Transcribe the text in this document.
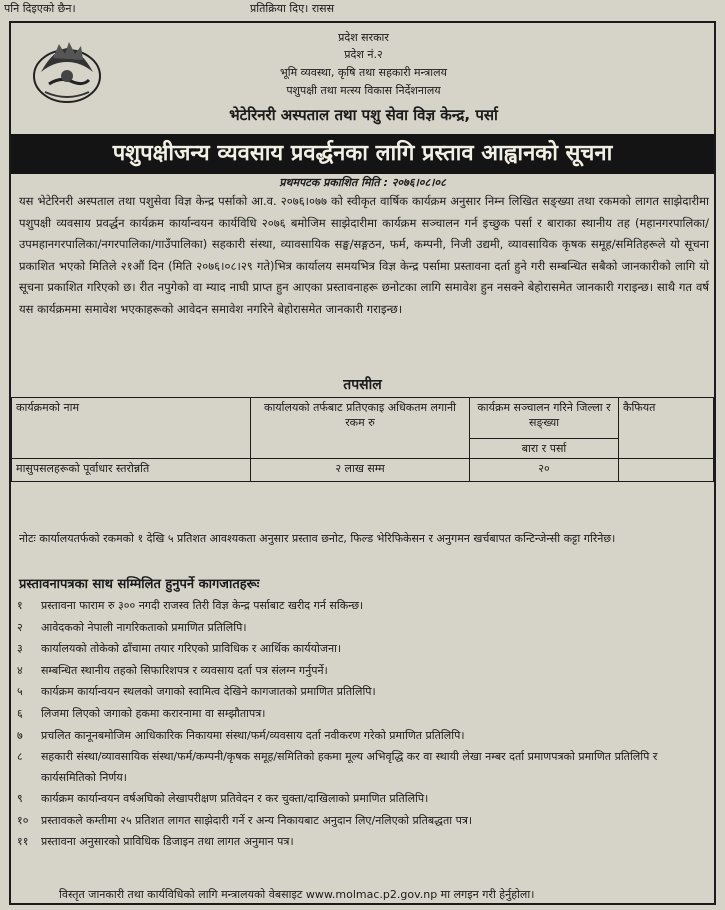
पनि दिइएको छैन।	प्रतिक्रिया दिए। रासस
प्रदेश सरकार
प्रदेश नं.२
भूमि व्यवस्था, कृषि तथा सहकारी मन्त्रालय
पशुपक्षी तथा मत्स्य विकास निर्देशनालय
भेटेरिनरी अस्पताल तथा पशु सेवा विज्ञ केन्द्र, पर्सा
पशुपक्षीजन्य व्यवसाय प्रवर्द्धनका लागि प्रस्ताव आह्वानको सूचना
प्रथमपटक प्रकाशित मिति : २०७६।०८।०८
यस भेटेरिनरी अस्पताल तथा पशुसेवा विज्ञ केन्द्र पर्साको आ.व. २०७६।०७७ को स्वीकृत वार्षिक कार्यक्रम अनुसार निम्न लिखित सङ्ख्या तथा रकमको लागत साझेदारीमा पशुपक्षी व्यवसाय प्रवर्द्धन कार्यक्रम कार्यान्वयन कार्यविधि २०७६ बमोजिम साझेदारीमा कार्यक्रम सञ्चालन गर्न इच्छुक पर्सा र बाराका स्थानीय तह (महानगरपालिका/उपमहानगरपालिका/नगरपालिका/गाउँपालिका) सहकारी संस्था, व्यावसायिक सङ्घ/सङ्गठन, फर्म, कम्पनी, निजी उद्यमी, व्यावसायिक कृषक समूह/समितिहरूले यो सूचना प्रकाशित भएको मितिले २१औं दिन (मिति २०७६।०८।२९ गते)भित्र कार्यालय समयभित्र विज्ञ केन्द्र पर्सामा प्रस्तावना दर्ता हुने गरी सम्बन्धित सबैको जानकारीको लागि यो सूचना प्रकाशित गरिएको छ। रीत नपुगेको वा म्याद नाघी प्राप्त हुन आएका प्रस्तावनाहरू छनोटका लागि समावेश हुन नसक्ने बेहोरासमेत जानकारी गराइन्छ। साथै गत वर्ष यस कार्यक्रममा समावेश भएकाहरूको आवेदन समावेश नगरिने बेहोरासमेत जानकारी गराइन्छ।
तपसील
कार्यक्रमको नाम	कार्यालयको तर्फबाट प्रतिएकाइ अधिकतम लगानी रकम रु	कार्यक्रम सञ्चालन गरिने जिल्ला र सङ्ख्या	कैफियत
		बारा र पर्सा	
मासुपसलहरूको पूर्वाधार स्तरोन्नति	२ लाख सम्म	२०	
नोटः कार्यालयतर्फको रकमको १ देखि ५ प्रतिशत आवश्यकता अनुसार प्रस्ताव छनोट, फिल्ड भेरिफिकेसन र अनुगमन खर्चबापत कन्टिन्जेन्सी कट्टा गरिनेछ।
प्रस्तावनापत्रका साथ सम्मिलित हुनुपर्ने कागजातहरूः
१	प्रस्तावना फाराम रु ३०० नगदी राजस्व तिरी विज्ञ केन्द्र पर्साबाट खरीद गर्न सकिन्छ।
२	आवेदकको नेपाली नागरिकताको प्रमाणित प्रतिलिपि।
३	कार्यालयको तोकेको ढाँचामा तयार गरिएको प्राविधिक र आर्थिक कार्ययोजना।
४	सम्बन्धित स्थानीय तहको सिफारिशपत्र र व्यवसाय दर्ता पत्र संलग्न गर्नुपर्ने।
५	कार्यक्रम कार्यान्वयन स्थलको जगाको स्वामित्व देखिने कागजातको प्रमाणित प्रतिलिपि।
६	लिजमा लिएको जगाको हकमा करारनामा वा सम्झौतापत्र।
७	प्रचलित कानूनबमोजिम आधिकारिक निकायमा संस्था/फर्म/व्यवसाय दर्ता नवीकरण गरेको प्रमाणित प्रतिलिपि।
८	सहकारी संस्था/व्यावसायिक संस्था/फर्म/कम्पनी/कृषक समूह/समितिको हकमा मूल्य अभिवृद्धि कर वा स्थायी लेखा नम्बर दर्ता प्रमाणपत्रको प्रमाणित प्रतिलिपि र कार्यसमितिको निर्णय।
९	कार्यक्रम कार्यान्वयन वर्षअघिको लेखापरीक्षण प्रतिवेदन र कर चुक्ता/दाखिलाको प्रमाणित प्रतिलिपि।
१०	प्रस्तावकले कम्तीमा २५ प्रतिशत लागत साझेदारी गर्ने र अन्य निकायबाट अनुदान लिए/नलिएको प्रतिबद्धता पत्र।
११	प्रस्तावना अनुसारको प्राविधिक डिजाइन तथा लागत अनुमान पत्र।
विस्तृत जानकारी तथा कार्यविधिको लागि मन्त्रालयको वेबसाइट www.molmac.p2.gov.np मा लगइन गरी हेर्नुहोला।
